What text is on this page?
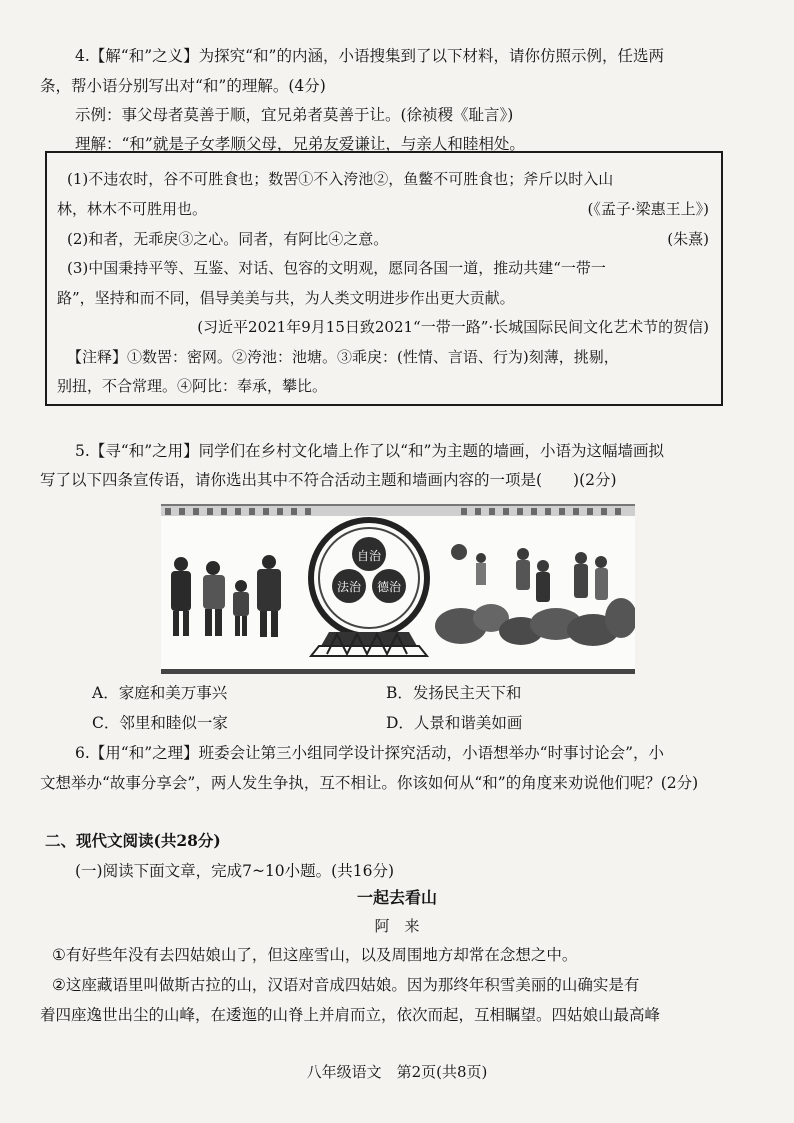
4.【解“和”之义】为探究“和”的内涵，小语搜集到了以下材料，请你仿照示例，任选两
条，帮小语分别写出对“和”的理解。(4分)
示例：事父母者莫善于顺，宜兄弟者莫善于让。(徐祯稷《耻言》)
理解：“和”就是子女孝顺父母，兄弟友爱谦让，与亲人和睦相处。
(1)不违农时，谷不可胜食也；数罟①不入洿池②，鱼鳖不可胜食也；斧斤以时入山
林，林木不可胜用也。	(《孟子·梁惠王上》)
(2)和者，无乖戾③之心。同者，有阿比④之意。	(朱熹)
(3)中国秉持平等、互鉴、对话、包容的文明观，愿同各国一道，推动共建“一带一
路”，坚持和而不同，倡导美美与共，为人类文明进步作出更大贡献。
(习近平2021年9月15日致2021“一带一路”·长城国际民间文化艺术节的贺信)
【注释】①数罟：密网。②洿池：池塘。③乖戾：(性情、言语、行为)刻薄，挑剔，
别扭，不合常理。④阿比：奉承，攀比。
5.【寻“和”之用】同学们在乡村文化墙上作了以“和”为主题的墙画，小语为这幅墙画拟
写了以下四条宣传语，请你选出其中不符合活动主题和墙画内容的一项是(　　)(2分)
自治
法治 德治
A．家庭和美万事兴	B．发扬民主天下和
C．邻里和睦似一家	D．人景和谐美如画
6.【用“和”之理】班委会让第三小组同学设计探究活动，小语想举办“时事讨论会”，小
文想举办“故事分享会”，两人发生争执，互不相让。你该如何从“和”的角度来劝说他们呢？(2分)
二、现代文阅读(共28分)
(一)阅读下面文章，完成7~10小题。(共16分)
一起去看山
阿　来
①有好些年没有去四姑娘山了，但这座雪山，以及周围地方却常在念想之中。
②这座藏语里叫做斯古拉的山，汉语对音成四姑娘。因为那终年积雪美丽的山确实是有
着四座逸世出尘的山峰，在逶迤的山脊上并肩而立，依次而起，互相瞩望。四姑娘山最高峰
八年级语文　第2页(共8页)
